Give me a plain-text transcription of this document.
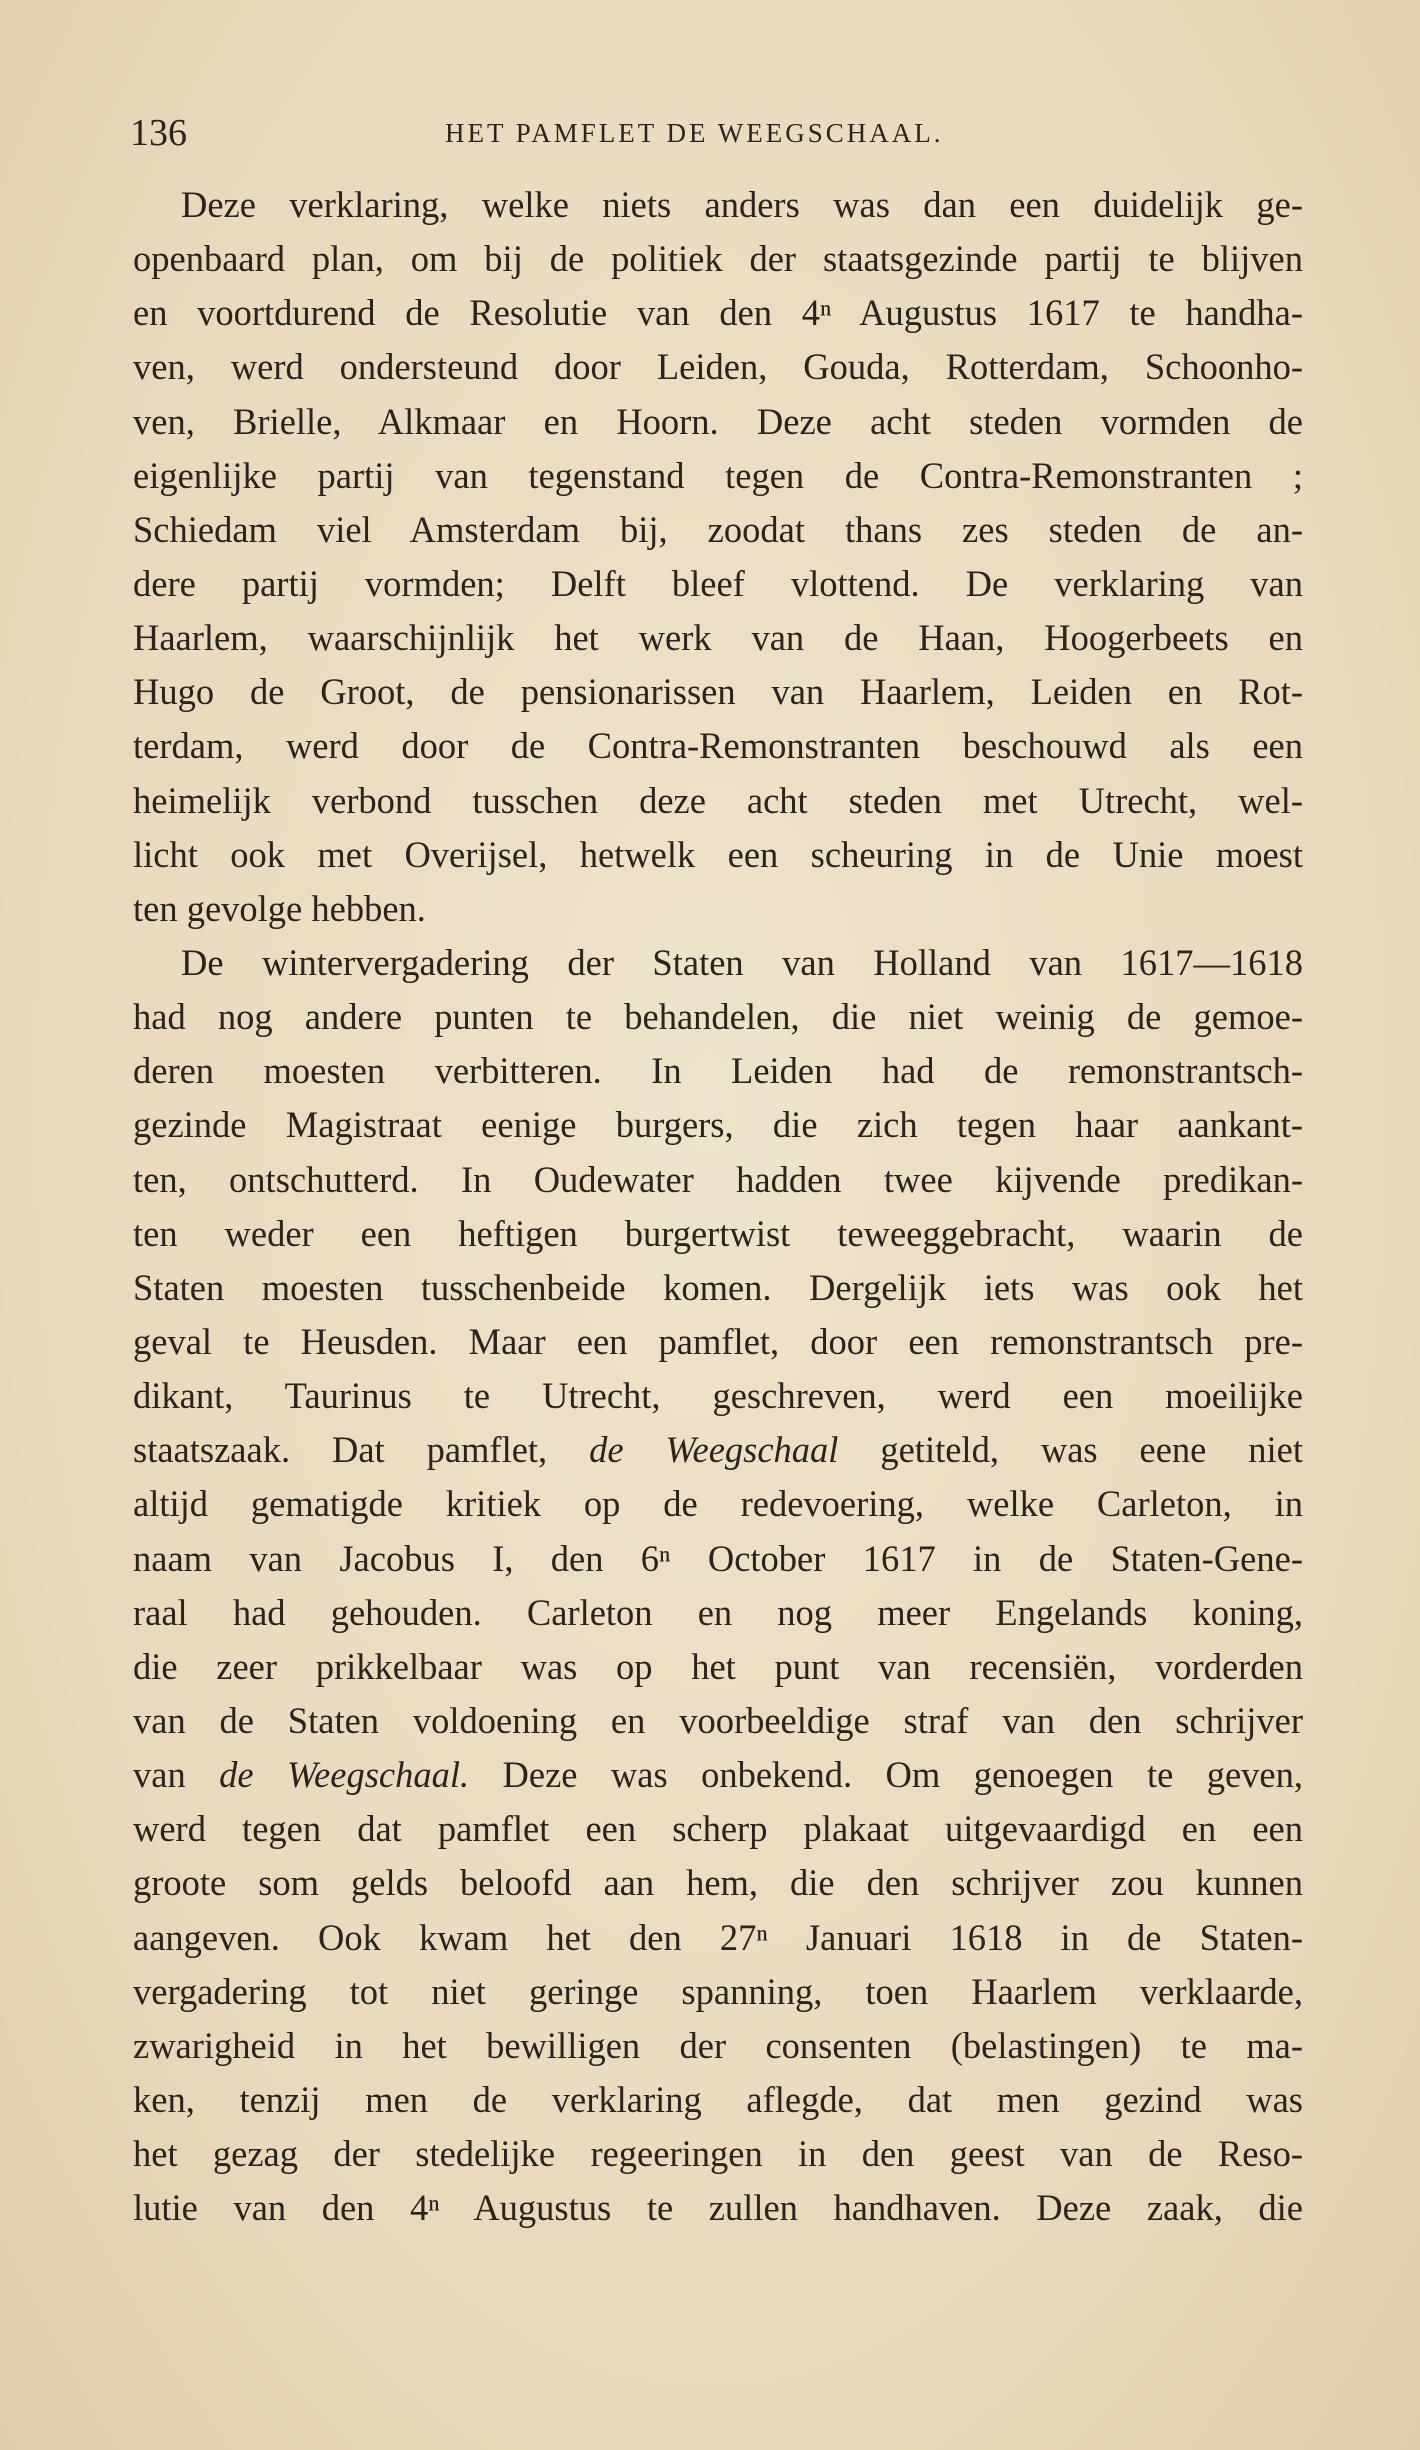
136	HET PAMFLET DE WEEGSCHAAL.
Deze verklaring, welke niets anders was dan een duidelijk ge-
openbaard plan, om bij de politiek der staatsgezinde partij te blijven
en voortdurend de Resolutie van den 4ⁿ Augustus 1617 te handha-
ven, werd ondersteund door Leiden, Gouda, Rotterdam, Schoonho-
ven, Brielle, Alkmaar en Hoorn. Deze acht steden vormden de
eigenlijke partij van tegenstand tegen de Contra-Remonstranten ;
Schiedam viel Amsterdam bij, zoodat thans zes steden de an-
dere partij vormden; Delft bleef vlottend. De verklaring van
Haarlem, waarschijnlijk het werk van de Haan, Hoogerbeets en
Hugo de Groot, de pensionarissen van Haarlem, Leiden en Rot-
terdam, werd door de Contra-Remonstranten beschouwd als een
heimelijk verbond tusschen deze acht steden met Utrecht, wel-
licht ook met Overijsel, hetwelk een scheuring in de Unie moest
ten gevolge hebben.
De wintervergadering der Staten van Holland van 1617—1618
had nog andere punten te behandelen, die niet weinig de gemoe-
deren moesten verbitteren. In Leiden had de remonstrantsch-
gezinde Magistraat eenige burgers, die zich tegen haar aankant-
ten, ontschutterd. In Oudewater hadden twee kijvende predikan-
ten weder een heftigen burgertwist teweeggebracht, waarin de
Staten moesten tusschenbeide komen. Dergelijk iets was ook het
geval te Heusden. Maar een pamflet, door een remonstrantsch pre-
dikant, Taurinus te Utrecht, geschreven, werd een moeilijke
staatszaak. Dat pamflet, de Weegschaal getiteld, was eene niet
altijd gematigde kritiek op de redevoering, welke Carleton, in
naam van Jacobus I, den 6ⁿ October 1617 in de Staten-Gene-
raal had gehouden. Carleton en nog meer Engelands koning,
die zeer prikkelbaar was op het punt van recensiën, vorderden
van de Staten voldoening en voorbeeldige straf van den schrijver
van de Weegschaal. Deze was onbekend. Om genoegen te geven,
werd tegen dat pamflet een scherp plakaat uitgevaardigd en een
groote som gelds beloofd aan hem, die den schrijver zou kunnen
aangeven. Ook kwam het den 27ⁿ Januari 1618 in de Staten-
vergadering tot niet geringe spanning, toen Haarlem verklaarde,
zwarigheid in het bewilligen der consenten (belastingen) te ma-
ken, tenzij men de verklaring aflegde, dat men gezind was
het gezag der stedelijke regeeringen in den geest van de Reso-
lutie van den 4ⁿ Augustus te zullen handhaven. Deze zaak, die
